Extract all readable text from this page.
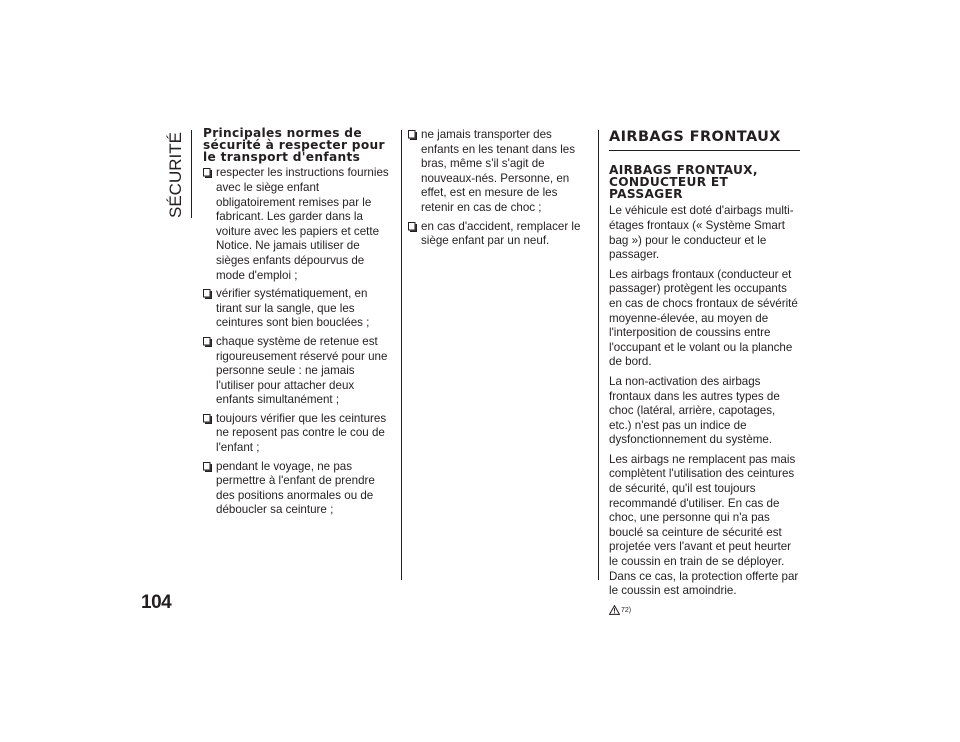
SÉCURITÉ Principales normes de sécurité à respecter pour le transport d'enfants
respecter les instructions fournies avec le siège enfant obligatoirement remises par le fabricant. Les garder dans la voiture avec les papiers et cette Notice. Ne jamais utiliser de sièges enfants dépourvus de mode d'emploi ;
vérifier systématiquement, en tirant sur la sangle, que les ceintures sont bien bouclées ;
chaque système de retenue est rigoureusement réservé pour une personne seule : ne jamais l'utiliser pour attacher deux enfants simultanément ;
toujours vérifier que les ceintures ne reposent pas contre le cou de l'enfant ;
pendant le voyage, ne pas permettre à l'enfant de prendre des positions anormales ou de déboucler sa ceinture ;
ne jamais transporter des enfants en les tenant dans les bras, même s'il s'agit de nouveaux-nés. Personne, en effet, est en mesure de les retenir en cas de choc ;
en cas d'accident, remplacer le siège enfant par un neuf.
AIRBAGS FRONTAUX
AIRBAGS FRONTAUX, CONDUCTEUR ET PASSAGER

Le véhicule est doté d'airbags multi-étages frontaux (« Système Smart bag ») pour le conducteur et le passager.

Les airbags frontaux (conducteur et passager) protègent les occupants en cas de chocs frontaux de sévérité moyenne-élevée, au moyen de l'interposition de coussins entre l'occupant et le volant ou la planche de bord.

La non-activation des airbags frontaux dans les autres types de choc (latéral, arrière, capotages, etc.) n'est pas un indice de dysfonctionnement du système.

Les airbags ne remplacent pas mais complètent l'utilisation des ceintures de sécurité, qu'il est toujours recommandé d'utiliser. En cas de choc, une personne qui n'a pas bouclé sa ceinture de sécurité est projetée vers l'avant et peut heurter le coussin en train de se déployer. Dans ce cas, la protection offerte par le coussin est amoindrie.

72)
104
